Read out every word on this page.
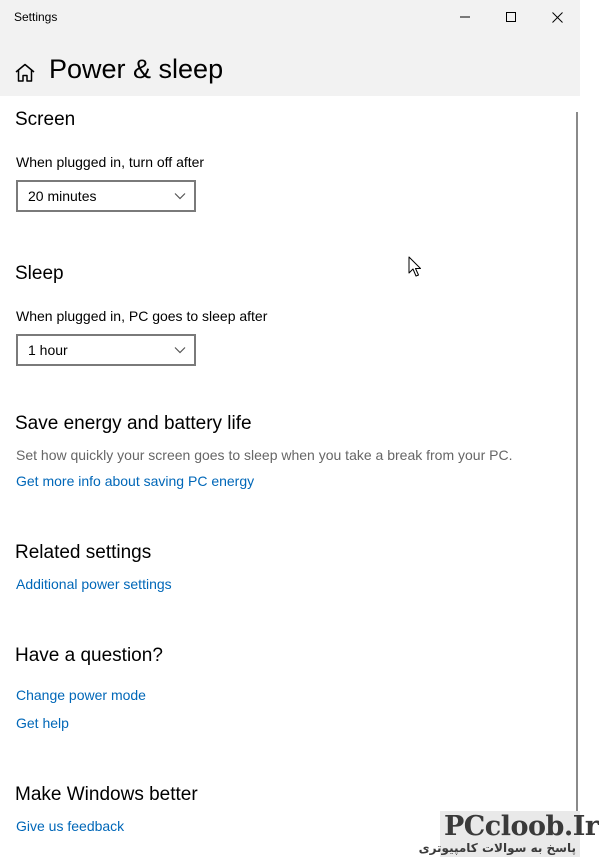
Settings
Power & sleep
Screen
When plugged in, turn off after
20 minutes
Sleep
When plugged in, PC goes to sleep after
1 hour
Save energy and battery life
Set how quickly your screen goes to sleep when you take a break from your PC.
Get more info about saving PC energy
Related settings
Additional power settings
Have a question?
Change power mode
Get help
Make Windows better
Give us feedback	PCcloob.Ir
پاسخ به سوالات کامپیوتری
